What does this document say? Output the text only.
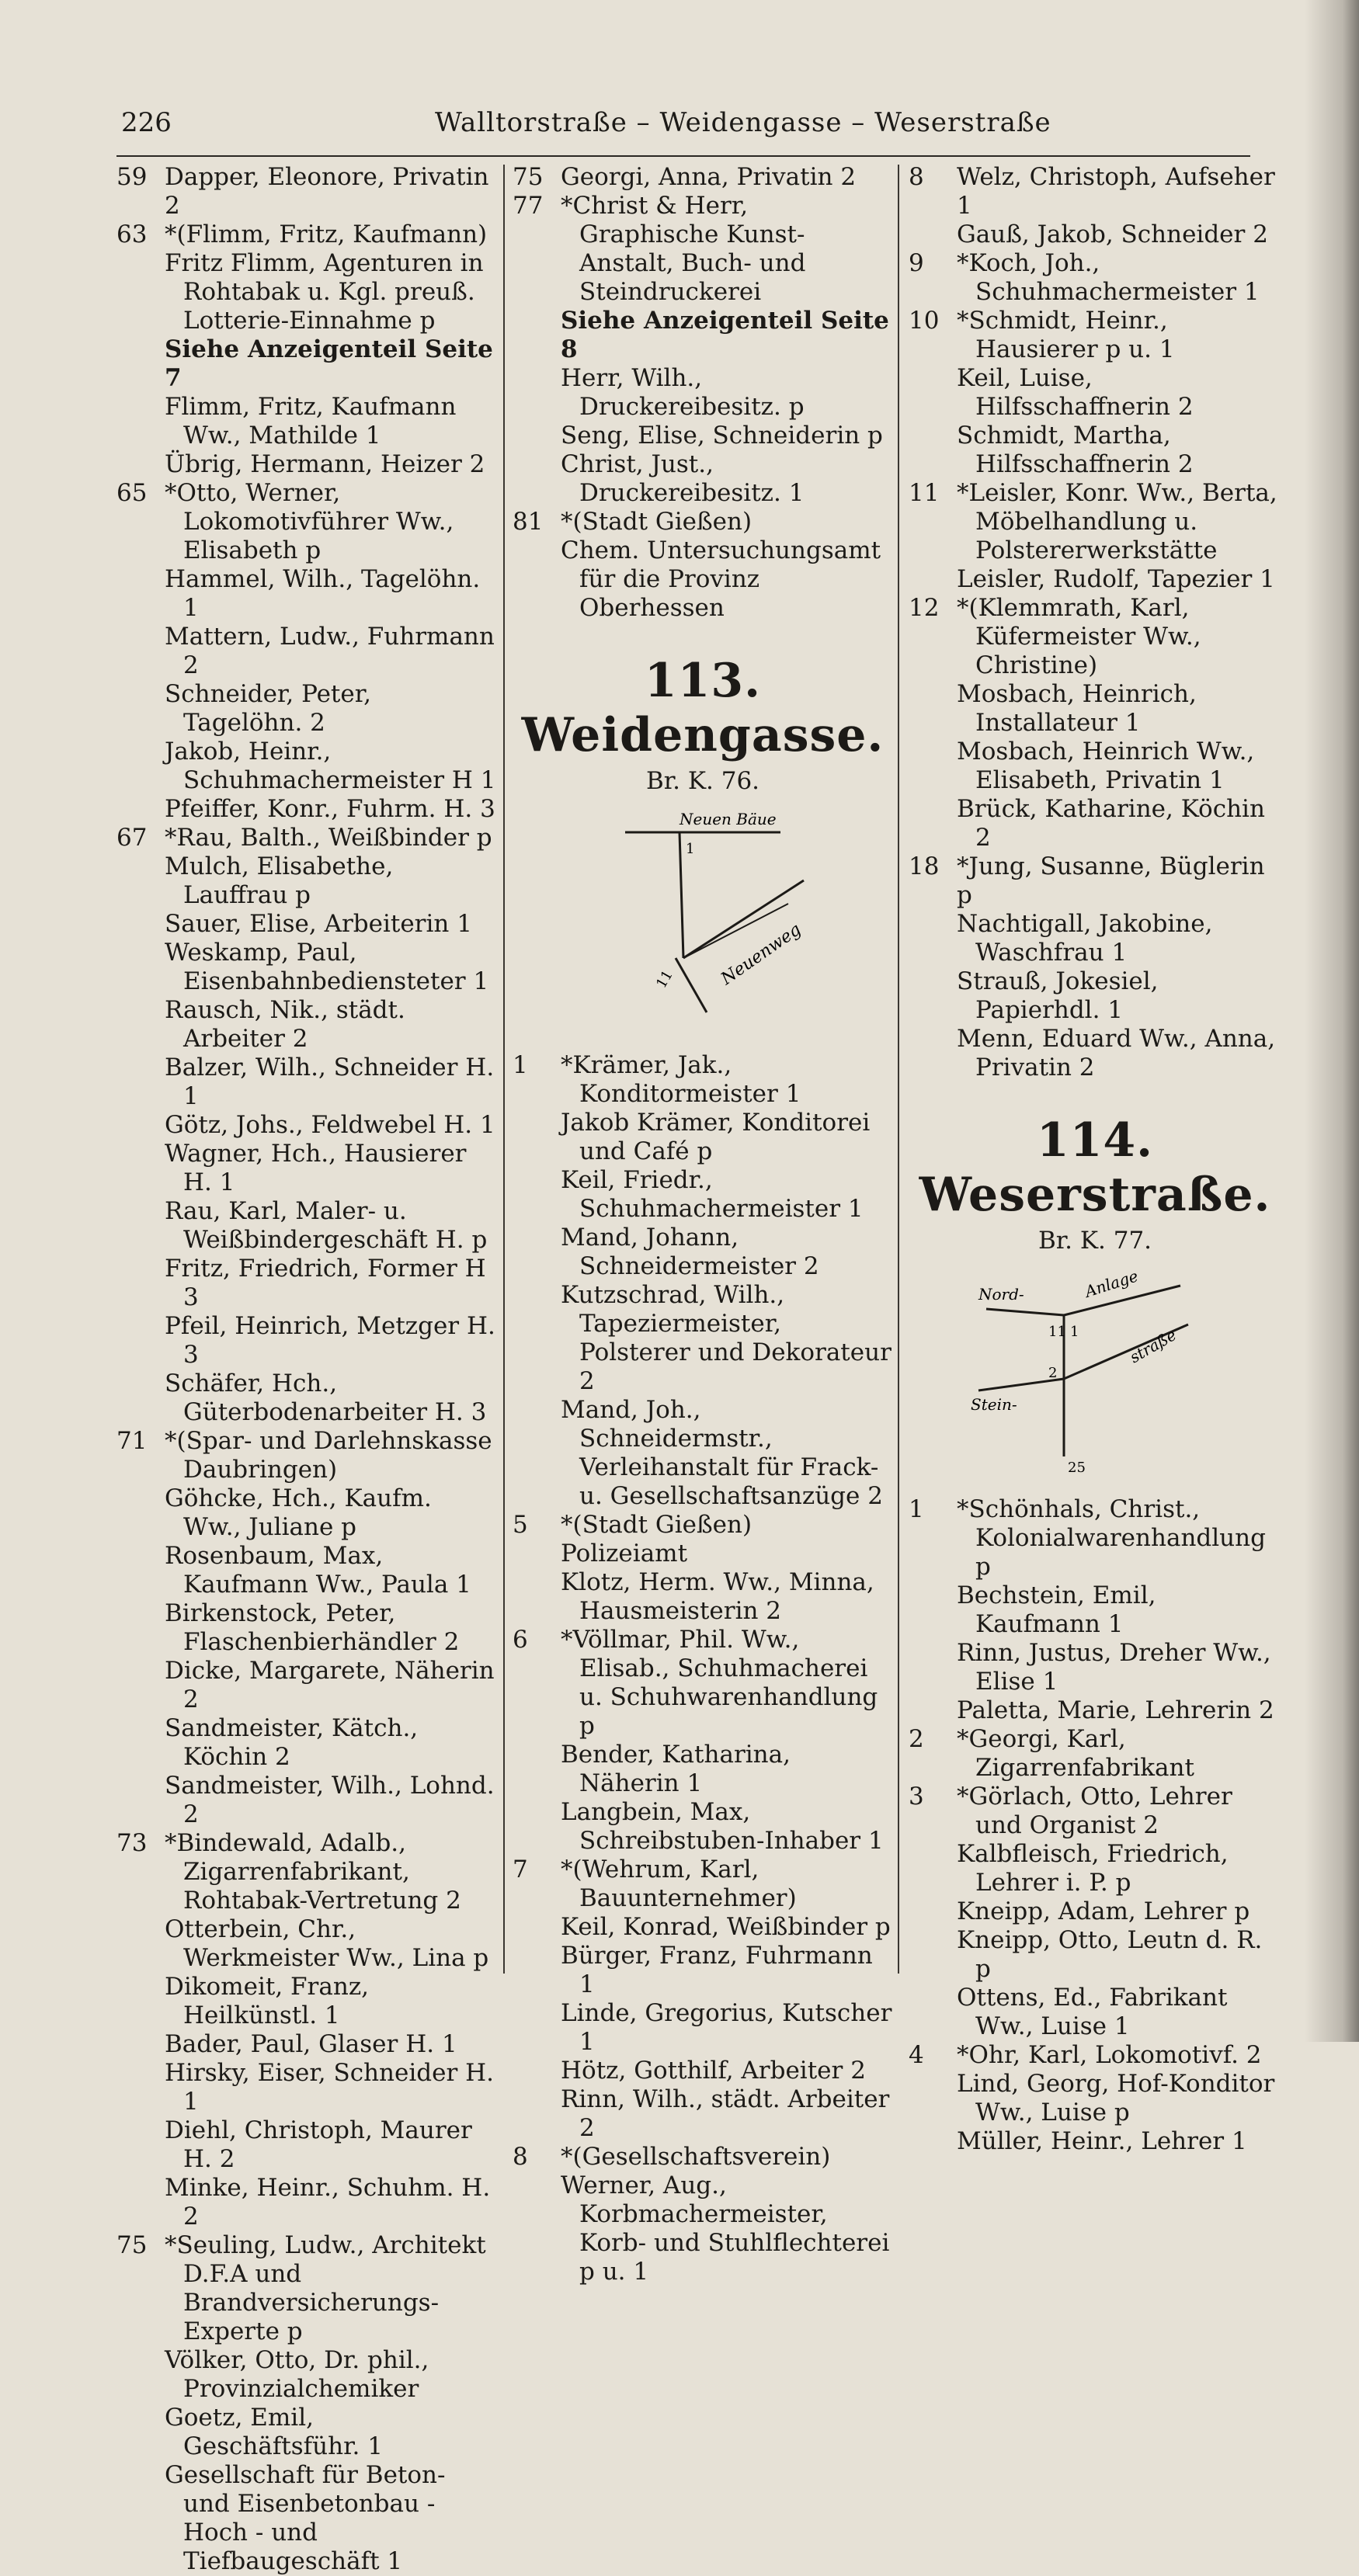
226	Walltorstraße – Weidengasse – Weserstraße
59 Dapper, Eleonore, Privatin 2
63 *(Flimm, Fritz, Kaufmann)
Fritz Flimm, Agenturen in Rohtabak u. Kgl. preuß. Lotterie-Einnahme p
Siehe Anzeigenteil Seite 7
Flimm, Fritz, Kaufmann Ww., Mathilde 1
Übrig, Hermann, Heizer 2
65 *Otto, Werner, Lokomotivführer Ww., Elisabeth p
Hammel, Wilh., Tagelöhn. 1
Mattern, Ludw., Fuhrmann 2
Schneider, Peter, Tagelöhn. 2
Jakob, Heinr., Schuhmachermeister H 1
Pfeiffer, Konr., Fuhrm. H. 3
67 *Rau, Balth., Weißbinder p
Mulch, Elisabethe, Lauffrau p
Sauer, Elise, Arbeiterin 1
Weskamp, Paul, Eisenbahnbediensteter 1
Rausch, Nik., städt. Arbeiter 2
Balzer, Wilh., Schneider H. 1
Götz, Johs., Feldwebel H. 1
Wagner, Hch., Hausierer H. 1
Rau, Karl, Maler- u. Weißbindergeschäft H. p
Fritz, Friedrich, Former H 3
Pfeil, Heinrich, Metzger H. 3
Schäfer, Hch., Güterbodenarbeiter H. 3
71 *(Spar- und Darlehnskasse Daubringen)
Göhcke, Hch., Kaufm. Ww., Juliane p
Rosenbaum, Max, Kaufmann Ww., Paula 1
Birkenstock, Peter, Flaschenbierhändler 2
Dicke, Margarete, Näherin 2
Sandmeister, Kätch., Köchin 2
Sandmeister, Wilh., Lohnd. 2
73 *Bindewald, Adalb., Zigarrenfabrikant, Rohtabak-Vertretung 2
Otterbein, Chr., Werkmeister Ww., Lina p
Dikomeit, Franz, Heilkünstl. 1
Bader, Paul, Glaser H. 1
Hirsky, Eiser, Schneider H. 1
Diehl, Christoph, Maurer H. 2
Minke, Heinr., Schuhm. H. 2
75 *Seuling, Ludw., Architekt D.F.A und Brandversicherungs-Experte p
Völker, Otto, Dr. phil., Provinzialchemiker
Goetz, Emil, Geschäftsführ. 1
Gesellschaft für Beton- und Eisenbetonbau - Hoch - und Tiefbaugeschäft 1
75 Georgi, Anna, Privatin 2
77 *Christ & Herr, Graphische Kunst-Anstalt, Buch- und Steindruckerei
Siehe Anzeigenteil Seite 8
Herr, Wilh., Druckereibesitz. p
Seng, Elise, Schneiderin p
Christ, Just., Druckereibesitz. 1
81 *(Stadt Gießen)
Chem. Untersuchungsamt für die Provinz Oberhessen
113. Weidengasse.
Br. K. 76.
Neuen Bäue
Neuenweg
1
11
1	*Krämer, Jak., Konditormeister 1
Jakob Krämer, Konditorei und Café p
Keil, Friedr., Schuhmachermeister 1
Mand, Johann, Schneidermeister 2
Kutzschrad, Wilh., Tapeziermeister, Polsterer und Dekorateur 2
Mand, Joh., Schneidermstr., Verleihanstalt für Frack- u. Gesellschaftsanzüge 2
5	*(Stadt Gießen)
Polizeiamt
Klotz, Herm. Ww., Minna, Hausmeisterin 2
6	*Völlmar, Phil. Ww., Elisab., Schuhmacherei u. Schuhwarenhandlung p
Bender, Katharina, Näherin 1
Langbein, Max, Schreibstuben-Inhaber 1
7	*(Wehrum, Karl, Bauunternehmer)
Keil, Konrad, Weißbinder p
Bürger, Franz, Fuhrmann 1
Linde, Gregorius, Kutscher 1
Hötz, Gotthilf, Arbeiter 2
Rinn, Wilh., städt. Arbeiter 2
8	*(Gesellschaftsverein)
Werner, Aug., Korbmachermeister, Korb- und Stuhlflechterei p u. 1
8	Welz, Christoph, Aufseher 1
Gauß, Jakob, Schneider 2
9	*Koch, Joh., Schuhmachermeister 1
10 *Schmidt, Heinr., Hausierer p u. 1
Keil, Luise, Hilfsschaffnerin 2
Schmidt, Martha, Hilfsschaffnerin 2
11 *Leisler, Konr. Ww., Berta, Möbelhandlung u. Polstererwerkstätte
Leisler, Rudolf, Tapezier 1
12 *(Klemmrath, Karl, Küfermeister Ww., Christine)
Mosbach, Heinrich, Installateur 1
Mosbach, Heinrich Ww., Elisabeth, Privatin 1
Brück, Katharine, Köchin 2
18 *Jung, Susanne, Büglerin p
Nachtigall, Jakobine, Waschfrau 1
Strauß, Jokesiel, Papierhdl. 1
Menn, Eduard Ww., Anna, Privatin 2
114. Weserstraße.
Br. K. 77.
Nord-	Anlage
straße
Stein-
1
11
2
25
1	*Schönhals, Christ., Kolonialwarenhandlung p
Bechstein, Emil, Kaufmann 1
Rinn, Justus, Dreher Ww., Elise 1
Paletta, Marie, Lehrerin 2
2	*Georgi, Karl, Zigarrenfabrikant
3	*Görlach, Otto, Lehrer und Organist 2
Kalbfleisch, Friedrich, Lehrer i. P. p
Kneipp, Adam, Lehrer p
Kneipp, Otto, Leutn d. R. p
Ottens, Ed., Fabrikant Ww., Luise 1
4	*Ohr, Karl, Lokomotivf. 2
Lind, Georg, Hof-Konditor Ww., Luise p
Müller, Heinr., Lehrer 1
